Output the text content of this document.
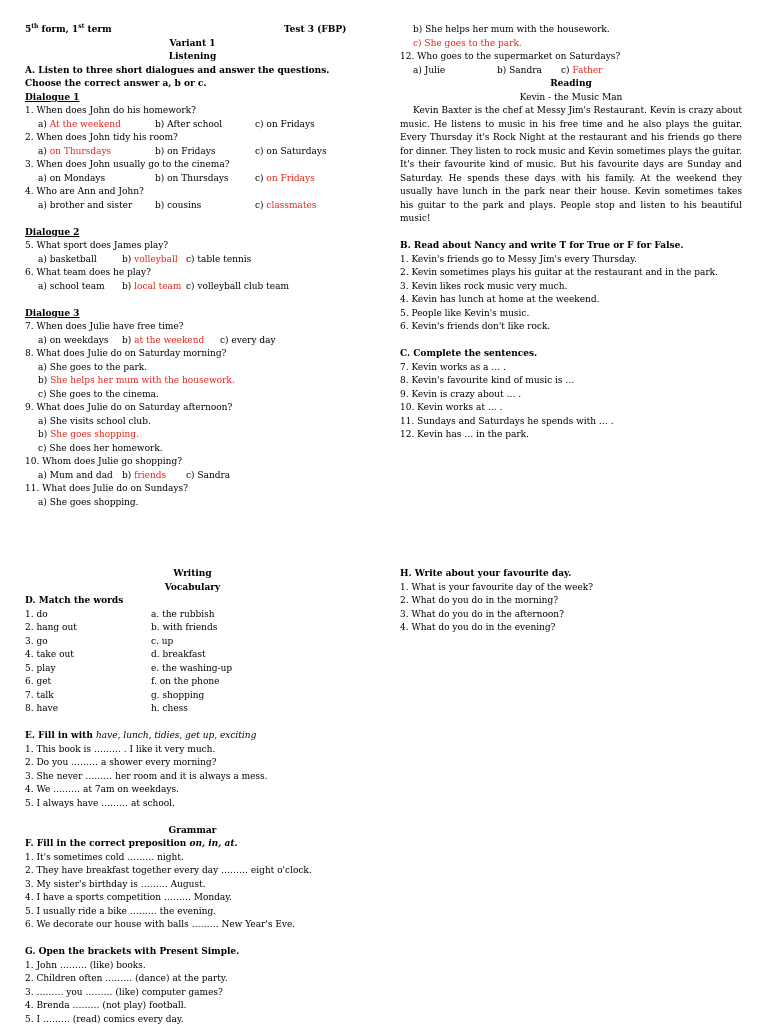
5th form, 1st term	Test 3 (FBP)
Variant 1
Listening
A. Listen to three short dialogues and answer the questions. Choose the correct answer a, b or c.
Dialogue 1
1. When does John do his homework?
a) At the weekend	b) After school	c) on Fridays
2. When does John tidy his room?
a) on Thursdays	b) on Fridays	c) on Saturdays
3. When does John usually go to the cinema?
a) on Mondays	b) on Thursdays	c) on Fridays
4. Who are Ann and John?
a) brother and sister	b) cousins	c) classmates
Dialogue 2
5. What sport does James play?
a) basketball	b) volleyball c) table tennis
6. What team does he play?
a) school team b) local team c) volleyball club team
Dialogue 3
7. When does Julie have free time?
a) on weekdays b) at the weekend c) every day
8. What does Julie do on Saturday morning?
a) She goes to the park.
b) She helps her mum with the housework.
c) She goes to the cinema.
9. What does Julie do on Saturday afternoon?
a) She visits school club.
b) She goes shopping.
c) She does her homework.
10. Whom does Julie go shopping?
a) Mum and dad b) friends c) Sandra
11. What does Julie do on Sundays?
a) She goes shopping.
b) She helps her mum with the housework.
c) She goes to the park.
12. Who goes to the supermarket on Saturdays?
a) Julie	b) Sandra c) Father
Reading
Kevin - the Music Man
Kevin Baxter is the chef at Messy Jim's Restaurant. Kevin is crazy about music. He listens to music in his free time and he also plays the guitar. Every Thursday it's Rock Night at the restaurant and his friends go there for dinner. They listen to rock music and Kevin sometimes plays the guitar. It's their favourite kind of music. But his favourite days are Sunday and Saturday. He spends these days with his family. At the weekend they usually have lunch in the park near their house. Kevin sometimes takes his guitar to the park and plays. People stop and listen to his beautiful music!
B. Read about Nancy and write T for True or F for False.
1. Kevin's friends go to Messy Jim's every Thursday.
2. Kevin sometimes plays his guitar at the restaurant and in the park.
3. Kevin likes rock music very much.
4. Kevin has lunch at home at the weekend.
5. People like Kevin's music.
6. Kevin's friends don't like rock.
C. Complete the sentences.
7. Kevin works as a … .
8. Kevin's favourite kind of music is …
9. Kevin is crazy about … .
10. Kevin works at … .
11. Sundays and Saturdays he spends with … .
12. Kevin has … in the park.
Writing
Vocabulary
D. Match the words
1. do	a. the rubbish
2. hang out	b. with friends
3. go	c. up
4. take out	d. breakfast
5. play	e. the washing-up
6. get	f. on the phone
7. talk	g. shopping
8. have	h. chess
E. Fill in with have, lunch, tidies, get up, exciting
1. This book is ……… . I like it very much.
2. Do you ……… a shower every morning?
3. She never ……… her room and it is always a mess.
4. We ……… at 7am on weekdays.
5. I always have ……… at school.
Grammar
F. Fill in the correct preposition on, in, at.
1. It's sometimes cold ……… night.
2. They have breakfast together every day ……… eight o'clock.
3. My sister's birthday is ……… August.
4. I have a sports competition ……… Monday.
5. I usually ride a bike ……… the evening.
6. We decorate our house with balls ……… New Year's Eve.
G. Open the brackets with Present Simple.
1. John ……… (like) books.
2. Children often ……… (dance) at the party.
3. ……… you ……… (like) computer games?
4. Brenda ……… (not play) football.
5. I ……… (read) comics every day.
H. Write about your favourite day.
1. What is your favourite day of the week?
2. What do you do in the morning?
3. What do you do in the afternoon?
4. What do you do in the evening?
